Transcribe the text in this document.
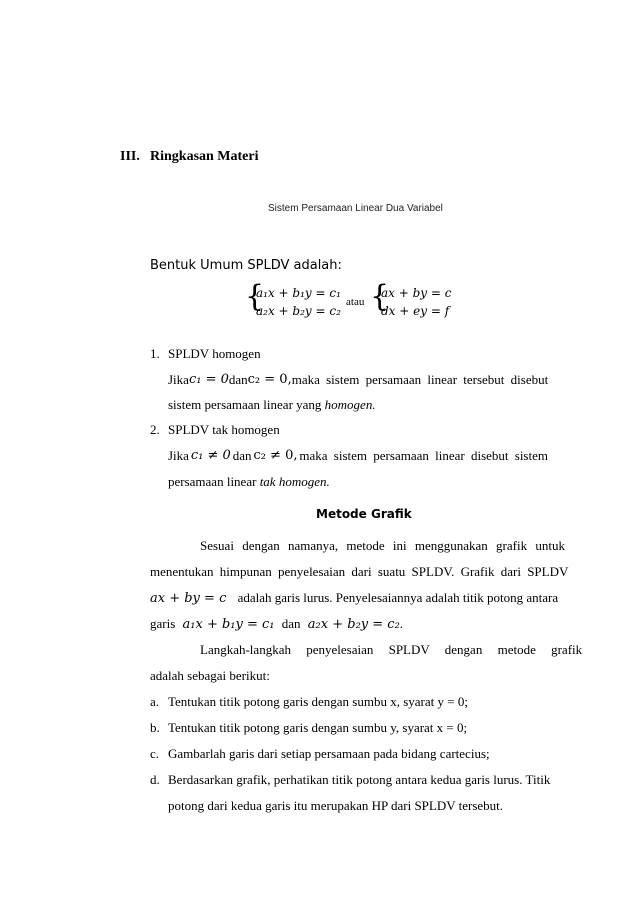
III. Ringkasan Materi
Sistem Persamaan Linear Dua Variabel
Bentuk Umum SPLDV adalah:
{
a₁x + b₁y = c₁
a₂x + b₂y = c₂
atau {
ax + by = c
dx + ey = f
1. SPLDV homogen
Jika c₁ = 0 dan c₂ = 0, maka sistem persamaan linear tersebut disebut
sistem persamaan linear yang homogen.
2. SPLDV tak homogen
Jika c₁ ≠ 0 dan c₂ ≠ 0, maka sistem persamaan linear disebut sistem
persamaan linear tak homogen.
Metode Grafik
Sesuai dengan namanya, metode ini menggunakan grafik untuk
menentukan himpunan penyelesaian dari suatu SPLDV. Grafik dari SPLDV
ax + by = c adalah garis lurus. Penyelesaiannya adalah titik potong antara
garis a₁x + b₁y = c₁ dan a₂x + b₂y = c₂.
Langkah-langkah penyelesaian SPLDV dengan metode grafik
adalah sebagai berikut:
a. Tentukan titik potong garis dengan sumbu x, syarat y = 0;
b. Tentukan titik potong garis dengan sumbu y, syarat x = 0;
c. Gambarlah garis dari setiap persamaan pada bidang cartecius;
d. Berdasarkan grafik, perhatikan titik potong antara kedua garis lurus. Titik
potong dari kedua garis itu merupakan HP dari SPLDV tersebut.
